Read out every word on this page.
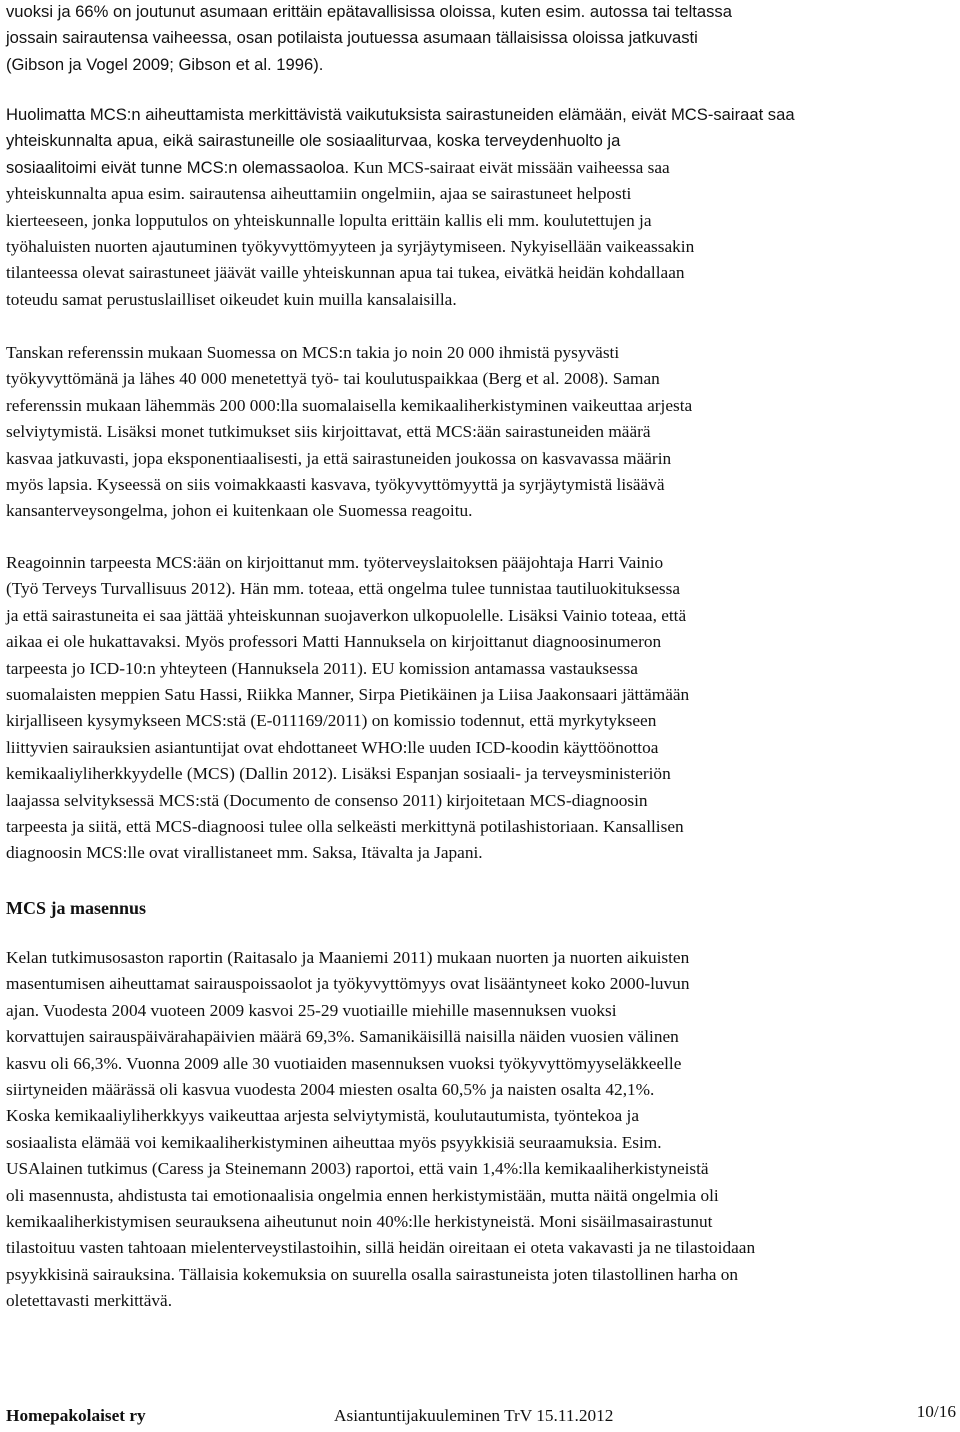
vuoksi ja 66% on joutunut asumaan erittäin epätavallisissa oloissa, kuten esim. autossa tai teltassa
jossain sairautensa vaiheessa, osan potilaista joutuessa asumaan tällaisissa oloissa jatkuvasti
(Gibson ja Vogel 2009; Gibson et al. 1996).

Huolimatta MCS:n aiheuttamista merkittävistä vaikutuksista sairastuneiden elämään, eivät MCS-sairaat saa
yhteiskunnalta apua, eikä sairastuneille ole sosiaaliturvaa, koska terveydenhuolto ja
sosiaalitoimi eivät tunne MCS:n olemassaoloa. Kun MCS-sairaat eivät missään vaiheessa saa
yhteiskunnalta apua esim. sairautensa aiheuttamiin ongelmiin, ajaa se sairastuneet helposti
kierteeseen, jonka lopputulos on yhteiskunnalle lopulta erittäin kallis eli mm. koulutettujen ja
työhaluisten nuorten ajautuminen työkyvyttömyyteen ja syrjäytymiseen. Nykyisellään vaikeassakin
tilanteessa olevat sairastuneet jäävät vaille yhteiskunnan apua tai tukea, eivätkä heidän kohdallaan
toteudu samat perustuslailliset oikeudet kuin muilla kansalaisilla.

Tanskan referenssin mukaan Suomessa on MCS:n takia jo noin 20 000 ihmistä pysyvästi
työkyvyttömänä ja lähes 40 000 menetettyä työ- tai koulutuspaikkaa (Berg et al. 2008). Saman
referenssin mukaan lähemmäs 200 000:lla suomalaisella kemikaaliherkistyminen vaikeuttaa arjesta
selviytymistä. Lisäksi monet tutkimukset siis kirjoittavat, että MCS:ään sairastuneiden määrä
kasvaa jatkuvasti, jopa eksponentiaalisesti, ja että sairastuneiden joukossa on kasvavassa määrin
myös lapsia. Kyseessä on siis voimakkaasti kasvava, työkyvyttömyyttä ja syrjäytymistä lisäävä
kansanterveysongelma, johon ei kuitenkaan ole Suomessa reagoitu.

Reagoinnin tarpeesta MCS:ään on kirjoittanut mm. työterveyslaitoksen pääjohtaja Harri Vainio
(Työ Terveys Turvallisuus 2012). Hän mm. toteaa, että ongelma tulee tunnistaa tautiluokituksessa
ja että sairastuneita ei saa jättää yhteiskunnan suojaverkon ulkopuolelle. Lisäksi Vainio toteaa, että
aikaa ei ole hukattavaksi. Myös professori Matti Hannuksela on kirjoittanut diagnoosinumeron
tarpeesta jo ICD-10:n yhteyteen (Hannuksela 2011). EU komission antamassa vastauksessa
suomalaisten meppien Satu Hassi, Riikka Manner, Sirpa Pietikäinen ja Liisa Jaakonsaari jättämään
kirjalliseen kysymykseen MCS:stä (E-011169/2011) on komissio todennut, että myrkytykseen
liittyvien sairauksien asiantuntijat ovat ehdottaneet WHO:lle uuden ICD-koodin käyttöönottoa
kemikaaliyliherkkyydelle (MCS) (Dallin 2012). Lisäksi Espanjan sosiaali- ja terveysministeriön
laajassa selvityksessä MCS:stä (Documento de consenso 2011) kirjoitetaan MCS-diagnoosin
tarpeesta ja siitä, että MCS-diagnoosi tulee olla selkeästi merkittynä potilashistoriaan. Kansallisen
diagnoosin MCS:lle ovat virallistaneet mm. Saksa, Itävalta ja Japani.

MCS ja masennus

Kelan tutkimusosaston raportin (Raitasalo ja Maaniemi 2011) mukaan nuorten ja nuorten aikuisten
masentumisen aiheuttamat sairauspoissaolot ja työkyvyttömyys ovat lisääntyneet koko 2000-luvun
ajan. Vuodesta 2004 vuoteen 2009 kasvoi 25-29 vuotiaille miehille masennuksen vuoksi
korvattujen sairauspäivärahapäivien määrä 69,3%. Samanikäisillä naisilla näiden vuosien välinen
kasvu oli 66,3%. Vuonna 2009 alle 30 vuotiaiden masennuksen vuoksi työkyvyttömyyseläkkeelle
siirtyneiden määrässä oli kasvua vuodesta 2004 miesten osalta 60,5% ja naisten osalta 42,1%.
Koska kemikaaliyliherkkyys vaikeuttaa arjesta selviytymistä, koulutautumista, työntekoa ja
sosiaalista elämää voi kemikaaliherkistyminen aiheuttaa myös psyykkisiä seuraamuksia. Esim.
USAlainen tutkimus (Caress ja Steinemann 2003) raportoi, että vain 1,4%:lla kemikaaliherkistyneistä
oli masennusta, ahdistusta tai emotionaalisia ongelmia ennen herkistymistään, mutta näitä ongelmia oli
kemikaaliherkistymisen seurauksena aiheutunut noin 40%:lle herkistyneistä. Moni sisäilmasairastunut
tilastoituu vasten tahtoaan mielenterveystilastoihin, sillä heidän oireitaan ei oteta vakavasti ja ne tilastoidaan
psyykkisinä sairauksina. Tällaisia kokemuksia on suurella osalla sairastuneista joten tilastollinen harha on
oletettavasti merkittävä.

Homepakolaiset ry	Asiantuntijakuuleminen TrV 15.11.2012	10/16
